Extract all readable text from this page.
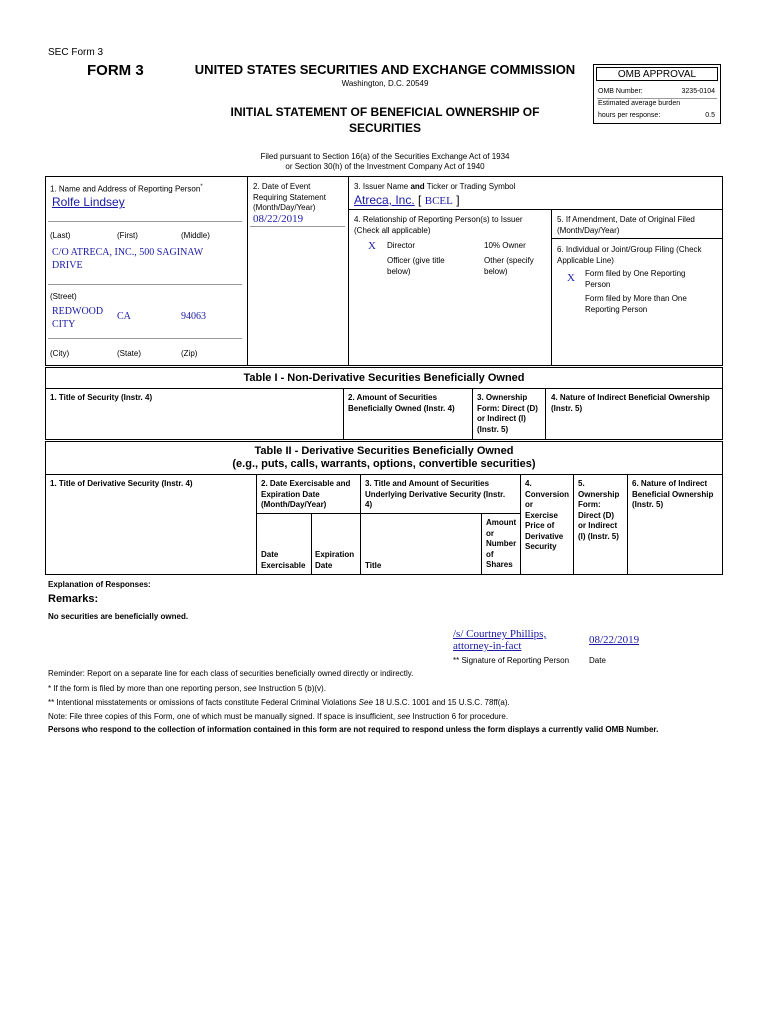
SEC Form 3
FORM 3	UNITED STATES SECURITIES AND EXCHANGE COMMISSION
Washington, D.C. 20549
INITIAL STATEMENT OF BENEFICIAL OWNERSHIP OF
SECURITIES
OMB APPROVAL
OMB Number:	3235-0104
Estimated average burden
hours per response:	0.5
Filed pursuant to Section 16(a) of the Securities Exchange Act of 1934
or Section 30(h) of the Investment Company Act of 1940
1. Name and Address of Reporting Person*
Rolfe Lindsey
(Last)	(First)	(Middle)
C/O ATRECA, INC., 500 SAGINAW
DRIVE
(Street)
REDWOOD
CITY
CA	94063
(City)	(State)	(Zip)
2. Date of Event
Requiring Statement
(Month/Day/Year)
08/22/2019
3. Issuer Name and Ticker or Trading Symbol
Atreca, Inc. [ BCEL ]
4. Relationship of Reporting Person(s) to Issuer
(Check all applicable)
X Director	10% Owner
Officer (give title
below)
Other (specify
below)
5. If Amendment, Date of Original Filed
(Month/Day/Year)
6. Individual or Joint/Group Filing (Check
Applicable Line)
X Form filed by One Reporting
Person
Form filed by More than One
Reporting Person
Table I - Non-Derivative Securities Beneficially Owned
1. Title of Security (Instr. 4)	2. Amount of Securities
Beneficially Owned (Instr. 4)
3. Ownership
Form: Direct (D)
or Indirect (I)
(Instr. 5)
4. Nature of Indirect Beneficial Ownership
(Instr. 5)
Table II - Derivative Securities Beneficially Owned
(e.g., puts, calls, warrants, options, convertible securities)
1. Title of Derivative Security (Instr. 4)	2. Date Exercisable and
Expiration Date
(Month/Day/Year)
Date
Exercisable
Expiration
Date
3. Title and Amount of Securities
Underlying Derivative Security (Instr.
4)
Title
Amount
or
Number
of
Shares
4.
Conversion
or
Exercise
Price of
Derivative
Security
5.
Ownership
Form:
Direct (D)
or Indirect
(I) (Instr. 5)
6. Nature of Indirect
Beneficial Ownership
(Instr. 5)
Explanation of Responses:
Remarks:
No securities are beneficially owned.
/s/ Courtney Phillips,
attorney-in-fact	08/22/2019
** Signature of Reporting Person Date
Reminder: Report on a separate line for each class of securities beneficially owned directly or indirectly.
* If the form is filed by more than one reporting person, see Instruction 5 (b)(v).
** Intentional misstatements or omissions of facts constitute Federal Criminal Violations See 18 U.S.C. 1001 and 15 U.S.C. 78ff(a).
Note: File three copies of this Form, one of which must be manually signed. If space is insufficient, see Instruction 6 for procedure.
Persons who respond to the collection of information contained in this form are not required to respond unless the form displays a currently valid OMB Number.
